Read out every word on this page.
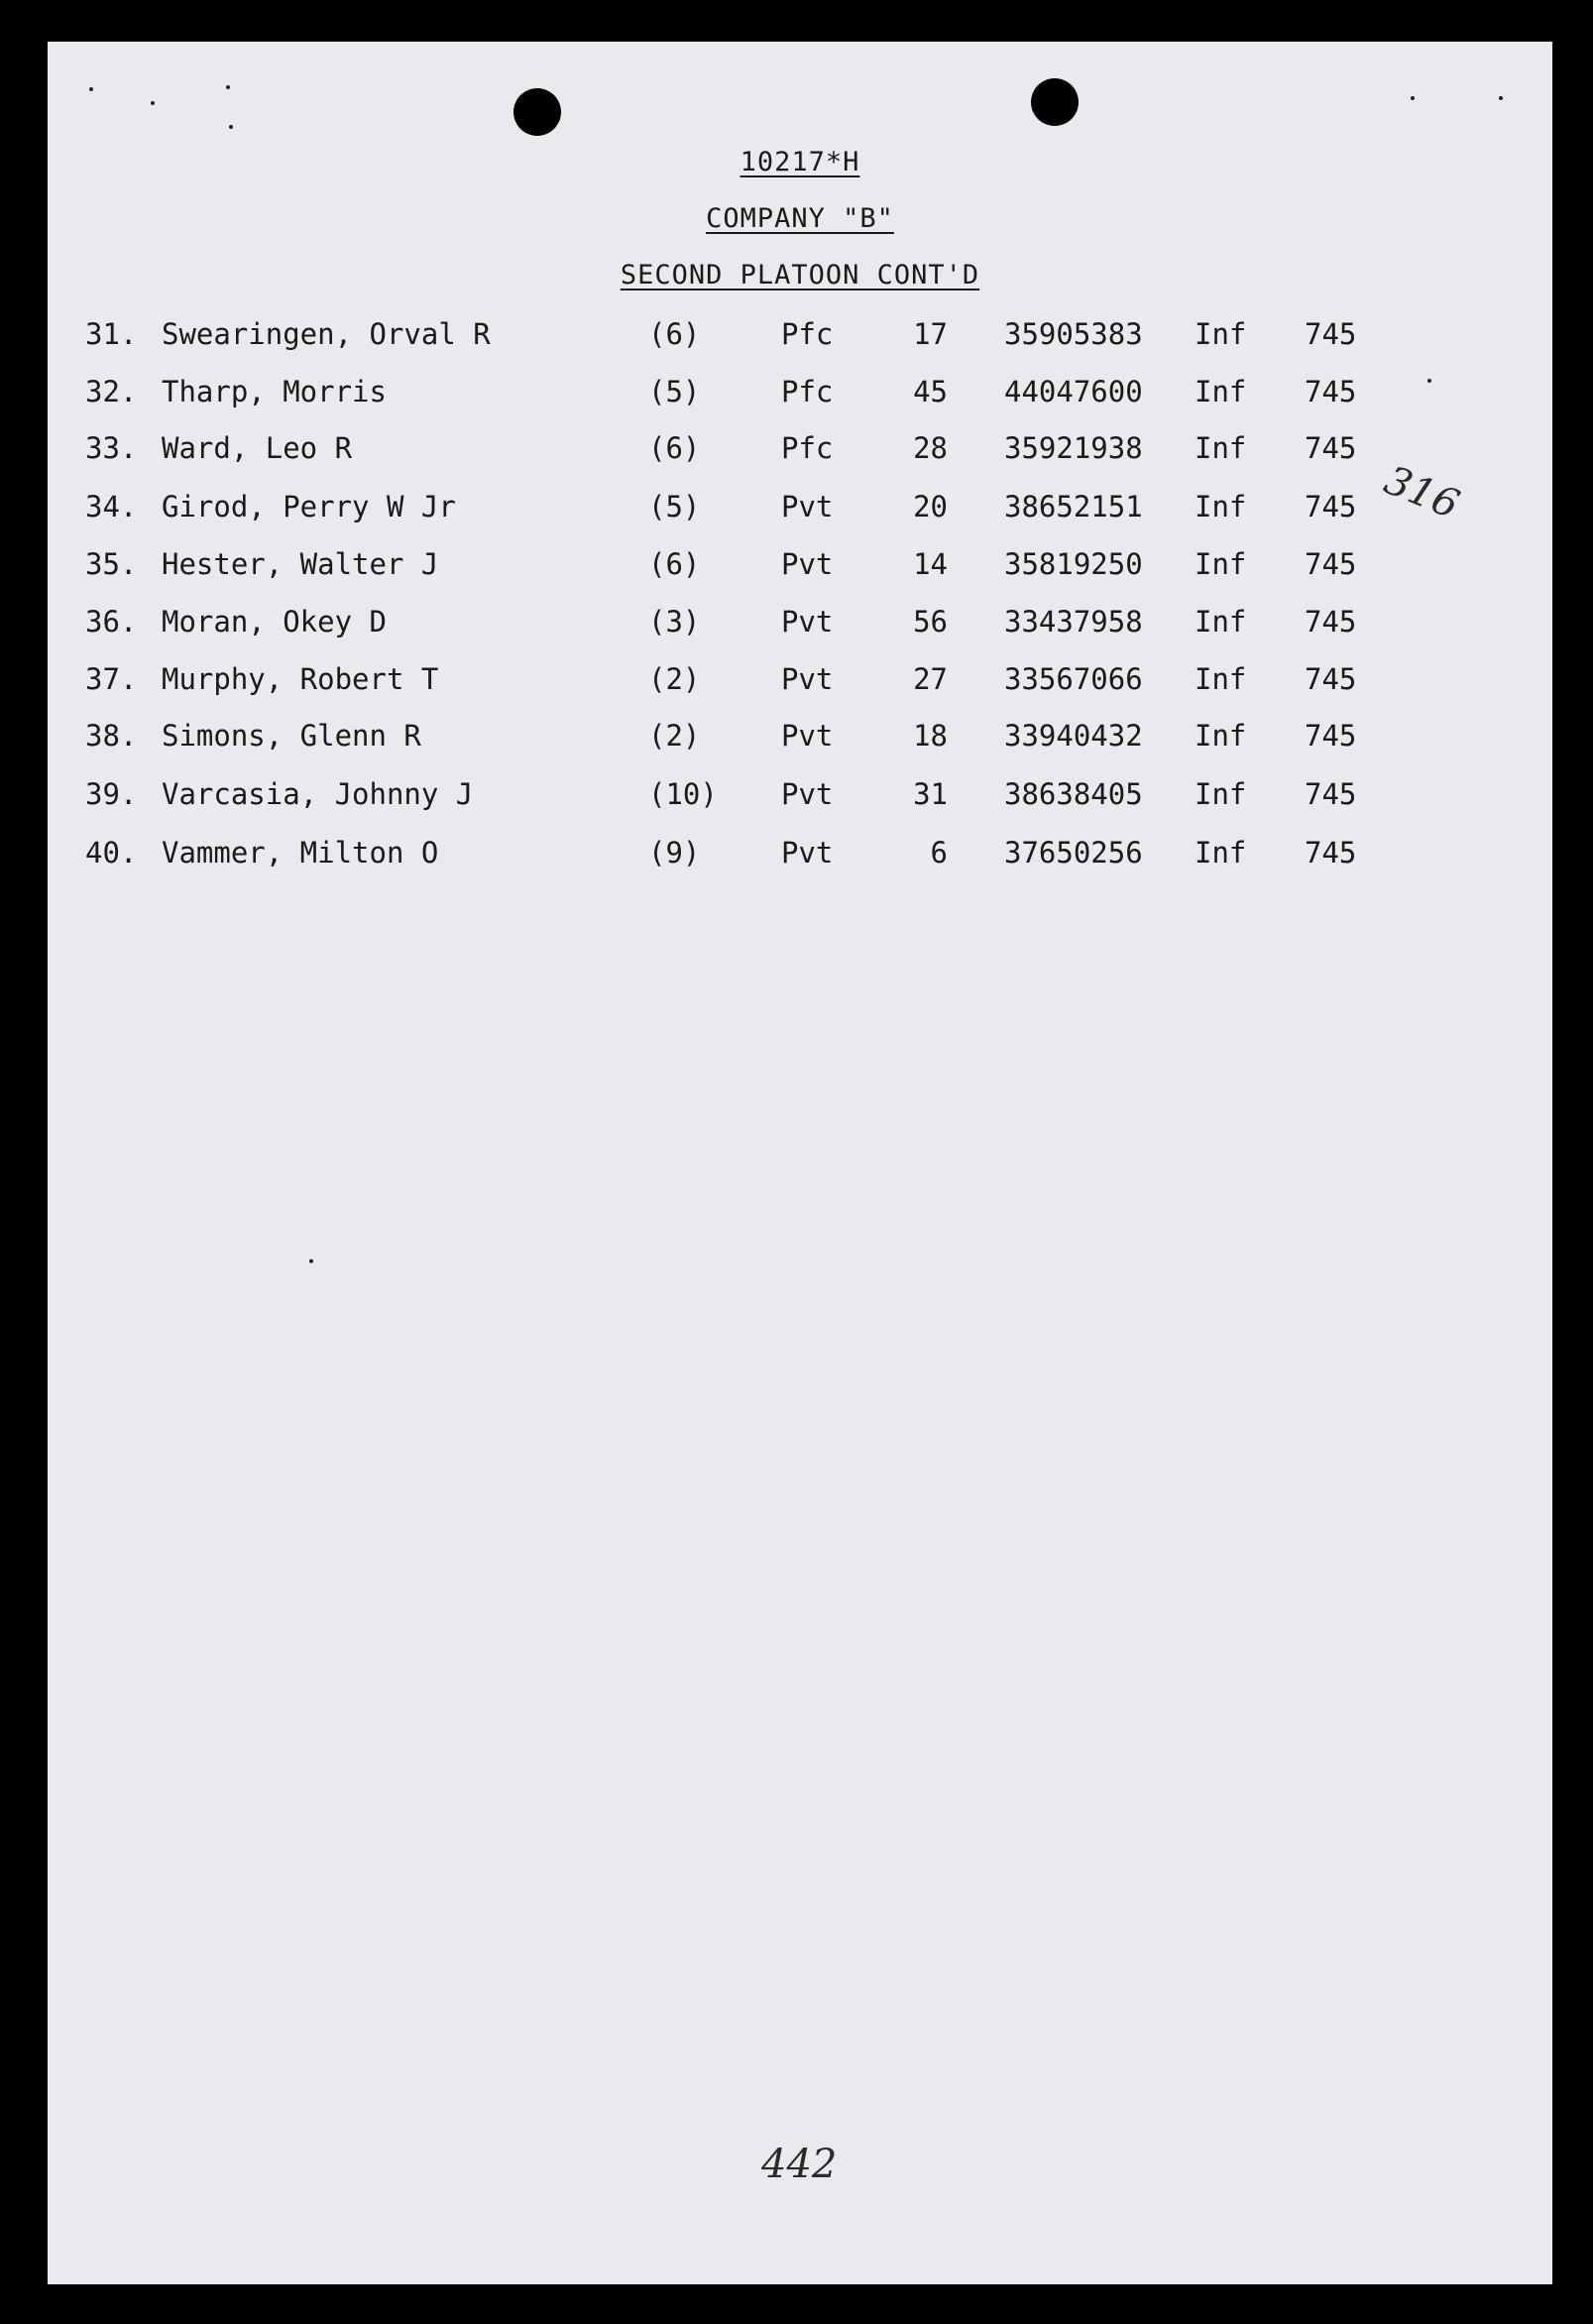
10217*H
COMPANY "B"
SECOND PLATOON CONT'D
31. Swearingen, Orval R	(6)	Pfc	17 35905383 Inf 745
32. Tharp, Morris	(5)	Pfc	45 44047600 Inf 745
33. Ward, Leo R	(6)	Pfc	28 35921938 Inf 745
34. Girod, Perry W Jr	(5)	Pvt	20 38652151 Inf 745
35. Hester, Walter J	(6)	Pvt	14 35819250 Inf 745
36. Moran, Okey D	(3)	Pvt	56 33437958 Inf 745
37. Murphy, Robert T	(2)	Pvt	27 33567066 Inf 745
38. Simons, Glenn R	(2)	Pvt	18 33940432 Inf 745
39. Varcasia, Johnny J	(10) Pvt	31 38638405 Inf 745
40. Vammer, Milton O	(9)	Pvt	6 37650256 Inf 745
316
442
